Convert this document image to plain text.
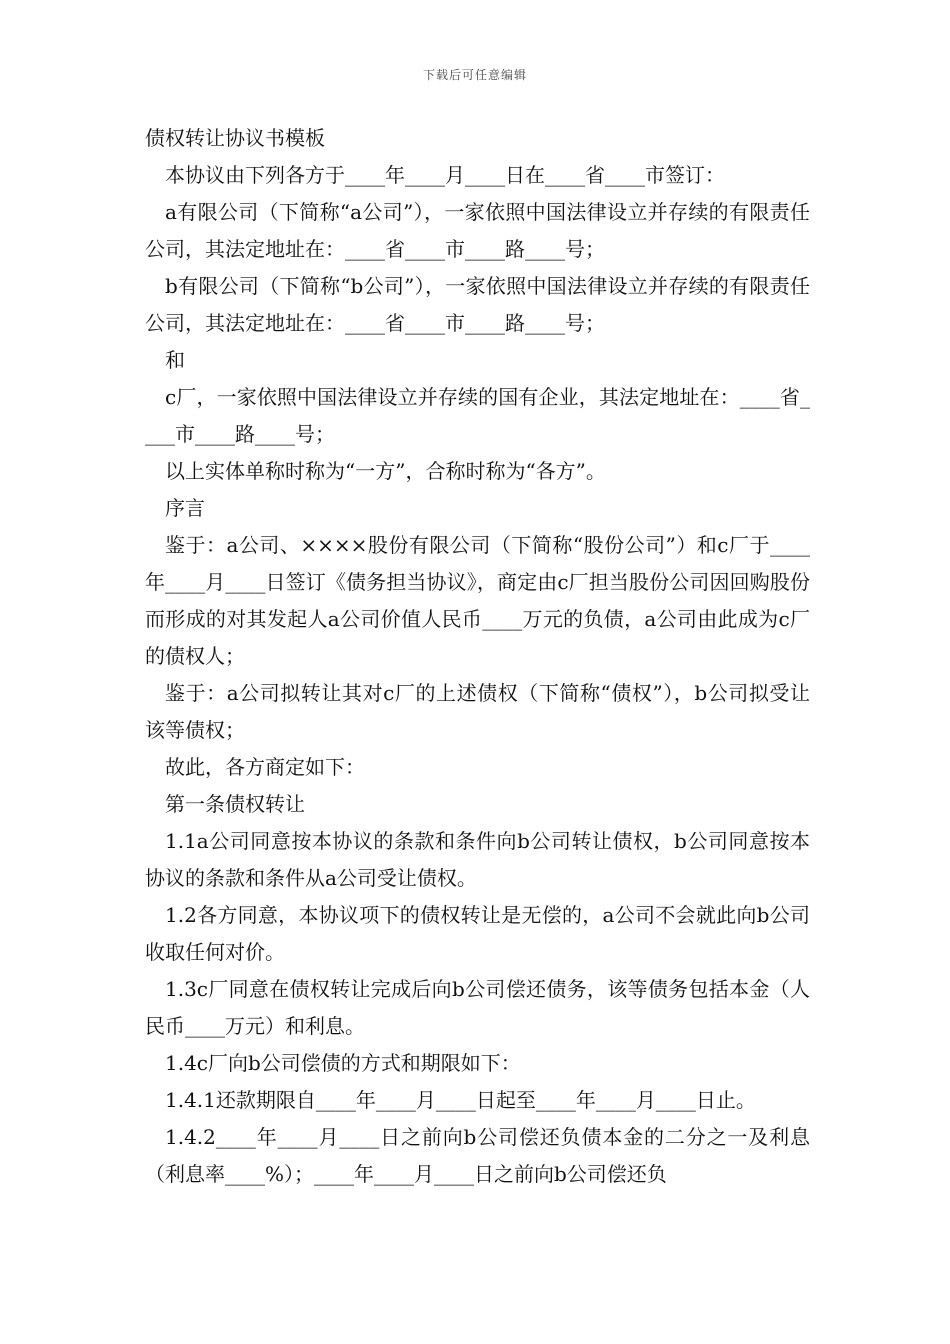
下载后可任意编辑
债权转让协议书模板

本协议由下列各方于____年____月____日在____省____市签订：

a有限公司（下简称“a公司”），一家依照中国法律设立并存续的有限责任公司，其法定地址在：____省____市____路____号；

b有限公司（下简称“b公司”），一家依照中国法律设立并存续的有限责任公司，其法定地址在：____省____市____路____号；

和

c厂，一家依照中国法律设立并存续的国有企业，其法定地址在：____省____市____路____号；

以上实体单称时称为“一方”，合称时称为“各方”。

序言

鉴于：a公司、××××股份有限公司（下简称“股份公司”）和c厂于____年____月____日签订《债务担当协议》，商定由c厂担当股份公司因回购股份而形成的对其发起人a公司价值人民币____万元的负债，a公司由此成为c厂的债权人；

鉴于：a公司拟转让其对c厂的上述债权（下简称“债权”），b公司拟受让该等债权；

故此，各方商定如下：

第一条债权转让

1.1a公司同意按本协议的条款和条件向b公司转让债权，b公司同意按本协议的条款和条件从a公司受让债权。

1.2各方同意，本协议项下的债权转让是无偿的，a公司不会就此向b公司收取任何对价。

1.3c厂同意在债权转让完成后向b公司偿还债务，该等债务包括本金（人民币____万元）和利息。

1.4c厂向b公司偿债的方式和期限如下：

1.4.1还款期限自____年____月____日起至____年____月____日止。

1.4.2____年____月____日之前向b公司偿还负债本金的二分之一及利息（利息率____%）；____年____月____日之前向b公司偿还负
